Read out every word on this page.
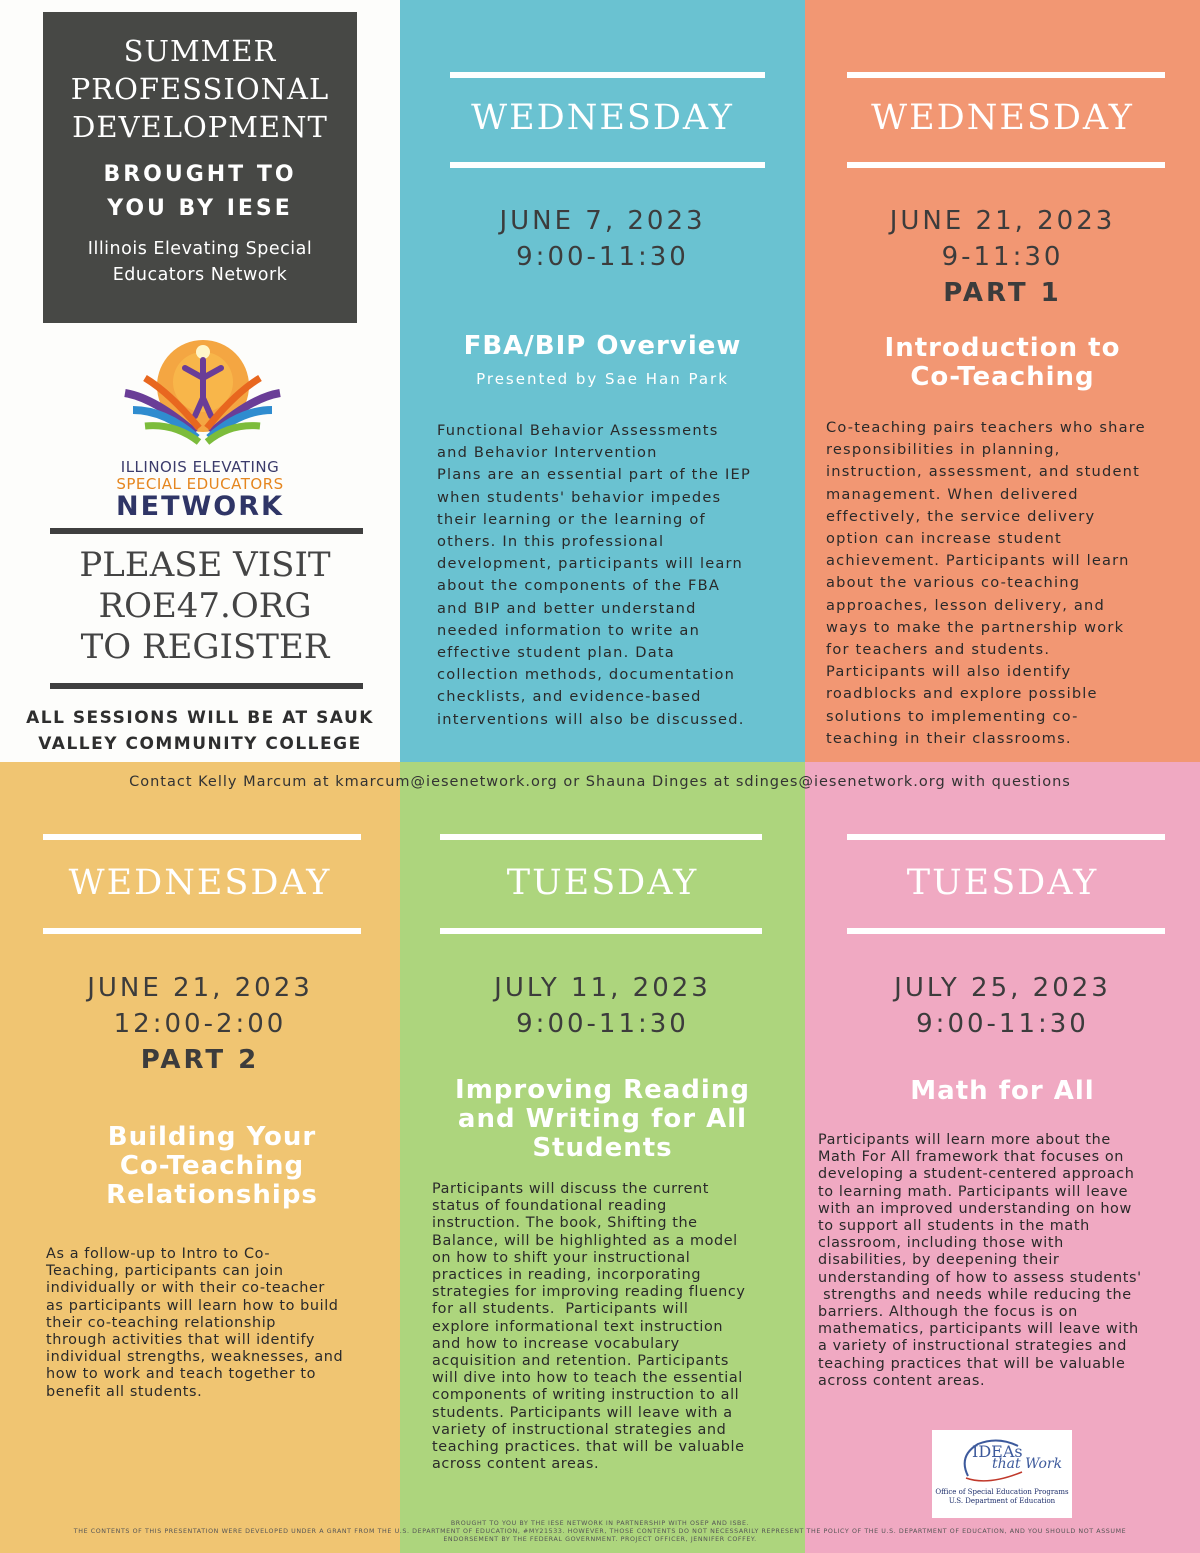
SUMMER
PROFESSIONAL
DEVELOPMENT
BROUGHT TO
YOU BY IESE
Illinois Elevating Special
Educators Network
ILLINOIS ELEVATING
SPECIAL EDUCATORS
NETWORK
PLEASE VISIT
ROE47.ORG
TO REGISTER
ALL SESSIONS WILL BE AT SAUK
VALLEY COMMUNITY COLLEGE
WEDNESDAY
JUNE 7, 2023
9:00-11:30
FBA/BIP Overview
Presented by Sae Han Park
Functional Behavior Assessments
and Behavior Intervention
Plans are an essential part of the IEP
when students' behavior impedes
their learning or the learning of
others. In this professional
development, participants will learn
about the components of the FBA
and BIP and better understand
needed information to write an
effective student plan. Data
collection methods, documentation
checklists, and evidence-based
interventions will also be discussed.
WEDNESDAY
JUNE 21, 2023
9-11:30
PART 1
Introduction to
Co-Teaching
Co-teaching pairs teachers who share
responsibilities in planning,
instruction, assessment, and student
management. When delivered
effectively, the service delivery
option can increase student
achievement. Participants will learn
about the various co-teaching
approaches, lesson delivery, and
ways to make the partnership work
for teachers and students.
Participants will also identify
roadblocks and explore possible
solutions to implementing co-
teaching in their classrooms.
Contact Kelly Marcum at kmarcum@iesenetwork.org or Shauna Dinges at sdinges@iesenetwork.org with questions
WEDNESDAY
JUNE 21, 2023
12:00-2:00
PART 2
Building Your
Co-Teaching
Relationships
As a follow-up to Intro to Co-
Teaching, participants can join
individually or with their co-teacher
as participants will learn how to build
their co-teaching relationship
through activities that will identify
individual strengths, weaknesses, and
how to work and teach together to
benefit all students.
TUESDAY
JULY 11, 2023
9:00-11:30
Improving Reading
and Writing for All
Students
Participants will discuss the current
status of foundational reading
instruction. The book, Shifting the
Balance, will be highlighted as a model
on how to shift your instructional
practices in reading, incorporating
strategies for improving reading fluency
for all students.  Participants will
explore informational text instruction
and how to increase vocabulary
acquisition and retention. Participants
will dive into how to teach the essential
components of writing instruction to all
students. Participants will leave with a
variety of instructional strategies and
teaching practices. that will be valuable
across content areas.
TUESDAY
JULY 25, 2023
9:00-11:30
Math for All
Participants will learn more about the
Math For All framework that focuses on
developing a student-centered approach
to learning math. Participants will leave
with an improved understanding on how
to support all students in the math
classroom, including those with
disabilities, by deepening their
understanding of how to assess students'
strengths and needs while reducing the
barriers. Although the focus is on
mathematics, participants will leave with
a variety of instructional strategies and
teaching practices that will be valuable
across content areas.
IDEAs
that Work
Office of Special Education Programs
U.S. Department of Education
BROUGHT TO YOU BY THE IESE NETWORK IN PARTNERSHIP WITH OSEP AND ISBE.
THE CONTENTS OF THIS PRESENTATION WERE DEVELOPED UNDER A GRANT FROM THE U.S. DEPARTMENT OF EDUCATION, #MY21533. HOWEVER, THOSE CONTENTS DO NOT NECESSARILY REPRESENT THE POLICY OF THE U.S. DEPARTMENT OF EDUCATION, AND YOU SHOULD NOT ASSUME
ENDORSEMENT BY THE FEDERAL GOVERNMENT. PROJECT OFFICER, JENNIFER COFFEY.
